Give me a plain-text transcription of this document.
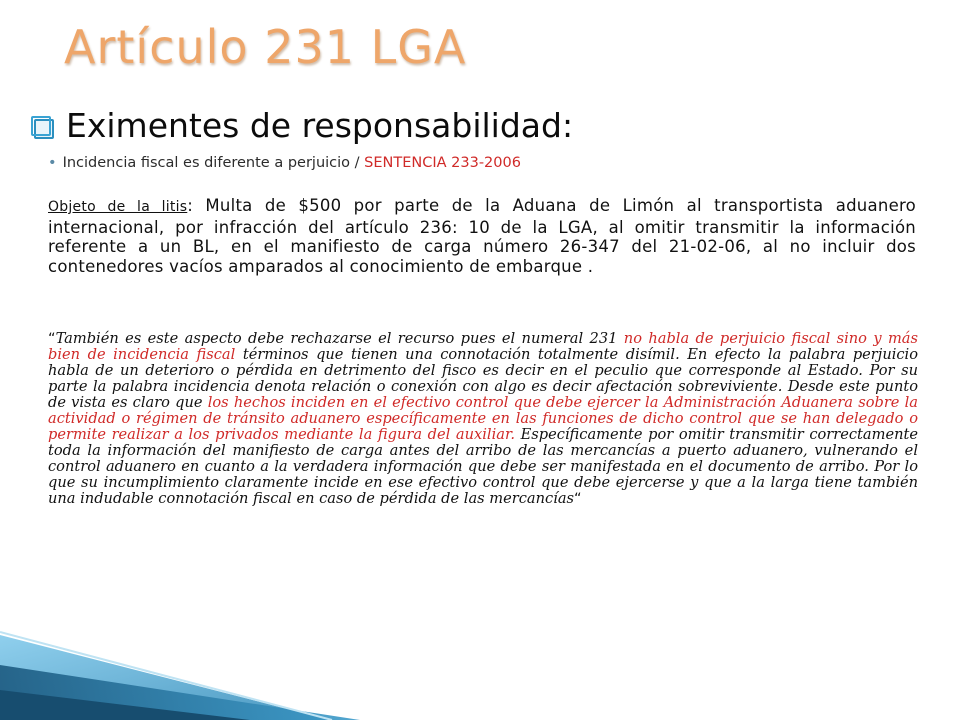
Artículo 231 LGA
Eximentes de responsabilidad:
• Incidencia fiscal es diferente a perjuicio / SENTENCIA 233-2006
Objeto de la litis: Multa de $500 por parte de la Aduana de Limón al transportista aduanero internacional, por infracción del artículo 236: 10 de la LGA, al omitir transmitir la información referente a un BL, en el manifiesto de carga número 26-347 del 21-02-06, al no incluir dos contenedores vacíos amparados al conocimiento de embarque .
“También es este aspecto debe rechazarse el recurso pues el numeral 231 no habla de perjuicio fiscal sino y más bien de incidencia fiscal términos que tienen una connotación totalmente disímil. En efecto la palabra perjuicio habla de un deterioro o pérdida en detrimento del fisco es decir en el peculio que corresponde al Estado. Por su parte la palabra incidencia denota relación o conexión con algo es decir afectación sobreviviente. Desde este punto de vista es claro que los hechos inciden en el efectivo control que debe ejercer la Administración Aduanera sobre la actividad o régimen de tránsito aduanero específicamente en las funciones de dicho control que se han delegado o permite realizar a los privados mediante la figura del auxiliar. Específicamente por omitir transmitir correctamente toda la información del manifiesto de carga antes del arribo de las mercancías a puerto aduanero, vulnerando el control aduanero en cuanto a la verdadera información que debe ser manifestada en el documento de arribo. Por lo que su incumplimiento claramente incide en ese efectivo control que debe ejercerse y que a la larga tiene también una indudable connotación fiscal en caso de pérdida de las mercancías“
